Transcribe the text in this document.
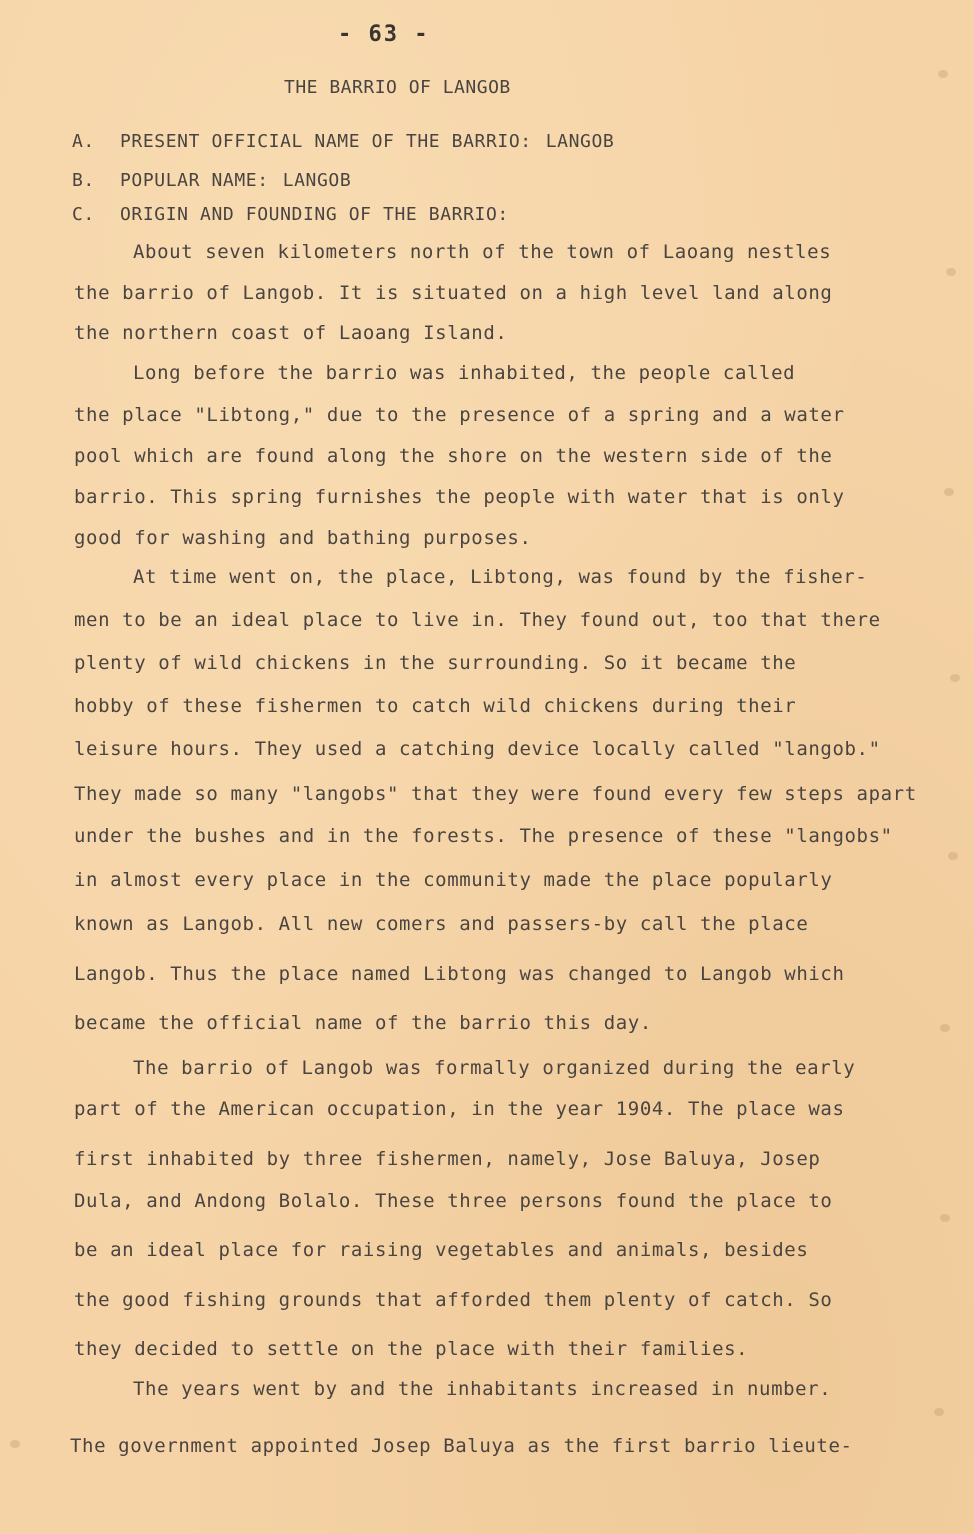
- 63 -
THE BARRIO OF LANGOB
A. PRESENT OFFICIAL NAME OF THE BARRIO: LANGOB
B. POPULAR NAME: LANGOB
C. ORIGIN AND FOUNDING OF THE BARRIO:
About seven kilometers north of the town of Laoang nestles
the barrio of Langob. It is situated on a high level land along
the northern coast of Laoang Island.
Long before the barrio was inhabited, the people called
the place "Libtong," due to the presence of a spring and a water
pool which are found along the shore on the western side of the
barrio. This spring furnishes the people with water that is only
good for washing and bathing purposes.
At time went on, the place, Libtong, was found by the fisher-
men to be an ideal place to live in. They found out, too that there
plenty of wild chickens in the surrounding. So it became the
hobby of these fishermen to catch wild chickens during their
leisure hours. They used a catching device locally called "langob."
They made so many "langobs" that they were found every few steps apart
under the bushes and in the forests. The presence of these "langobs"
in almost every place in the community made the place popularly
known as Langob. All new comers and passers-by call the place
Langob. Thus the place named Libtong was changed to Langob which
became the official name of the barrio this day.
The barrio of Langob was formally organized during the early
part of the American occupation, in the year 1904. The place was
first inhabited by three fishermen, namely, Jose Baluya, Josep
Dula, and Andong Bolalo. These three persons found the place to
be an ideal place for raising vegetables and animals, besides
the good fishing grounds that afforded them plenty of catch. So
they decided to settle on the place with their families.
The years went by and the inhabitants increased in number.
The government appointed Josep Baluya as the first barrio lieute-
